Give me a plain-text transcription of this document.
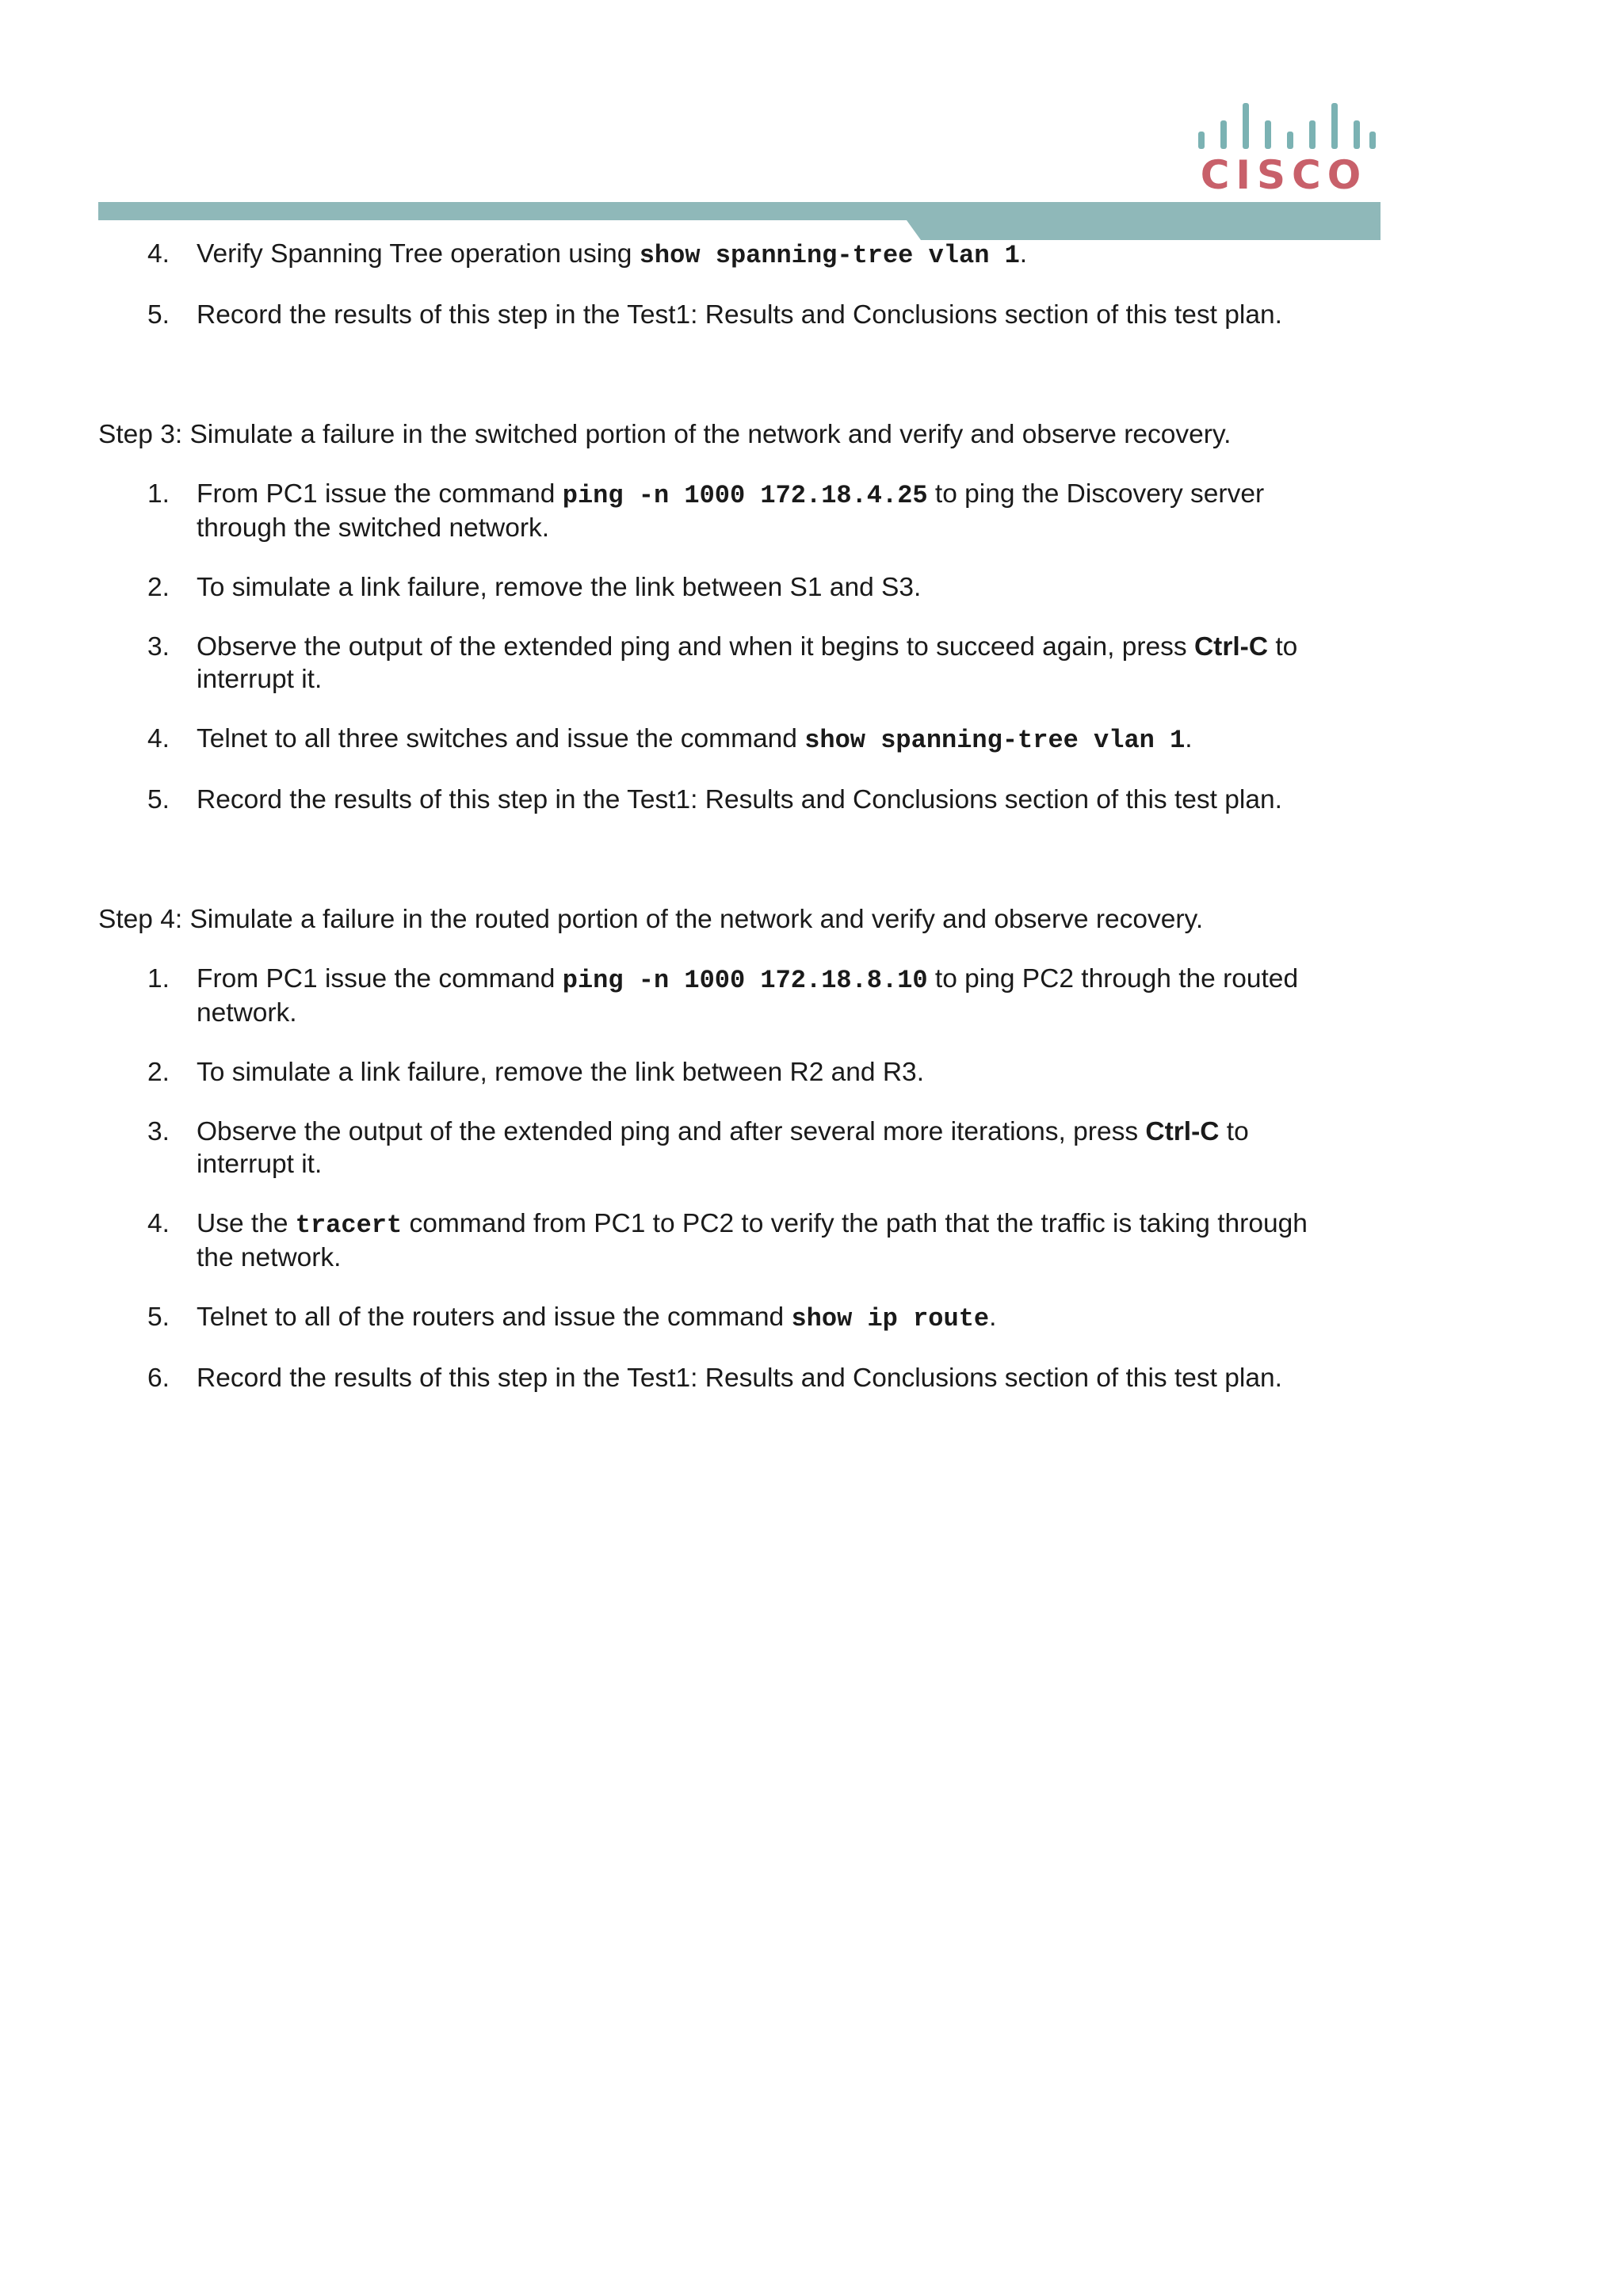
CISCO
4. Verify Spanning Tree operation using show spanning-tree vlan 1.
5. Record the results of this step in the Test1: Results and Conclusions section of this test plan.

Step 3: Simulate a failure in the switched portion of the network and verify and observe recovery.

1. From PC1 issue the command ping -n 1000 172.18.4.25 to ping the Discovery server
through the switched network.
2. To simulate a link failure, remove the link between S1 and S3.
3. Observe the output of the extended ping and when it begins to succeed again, press Ctrl-C to
interrupt it.
4. Telnet to all three switches and issue the command show spanning-tree vlan 1.
5. Record the results of this step in the Test1: Results and Conclusions section of this test plan.

Step 4: Simulate a failure in the routed portion of the network and verify and observe recovery.

1. From PC1 issue the command ping -n 1000 172.18.8.10 to ping PC2 through the routed
network.
2. To simulate a link failure, remove the link between R2 and R3.
3. Observe the output of the extended ping and after several more iterations, press Ctrl-C to
interrupt it.
4. Use the tracert command from PC1 to PC2 to verify the path that the traffic is taking through
the network.
5. Telnet to all of the routers and issue the command show ip route.
6. Record the results of this step in the Test1: Results and Conclusions section of this test plan.
